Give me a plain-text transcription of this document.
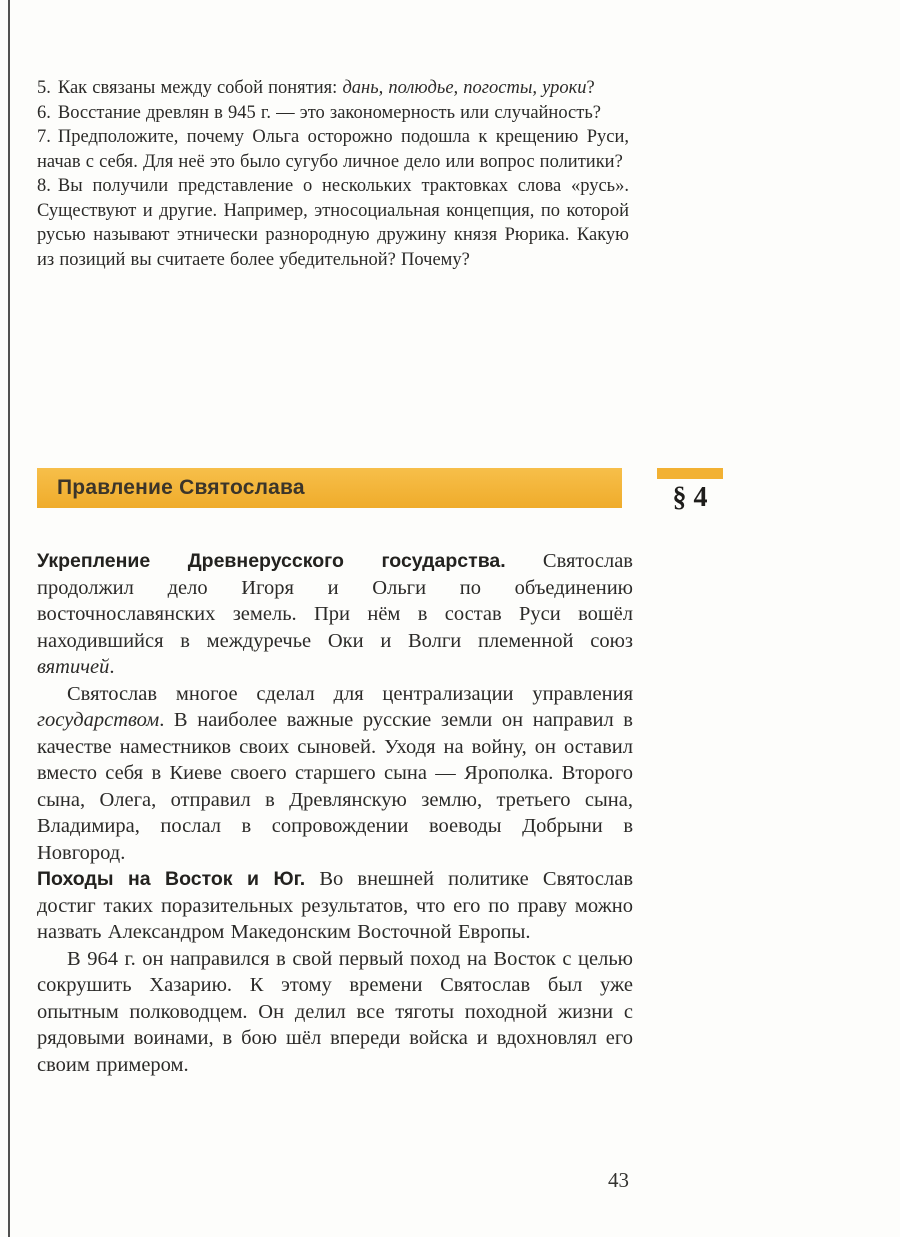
5. Как связаны между собой понятия: дань, полюдье, погосты, уроки?

6. Восстание древлян в 945 г. — это закономерность или случайность?

7. Предположите, почему Ольга осторожно подошла к крещению Руси, начав с себя. Для неё это было сугубо личное дело или вопрос политики?

8. Вы получили представление о нескольких трактовках слова «русь». Существуют и другие. Например, этносоциальная концепция, по которой русью называют этнически разнородную дружину князя Рюрика. Какую из позиций вы считаете более убедительной? Почему?

Правление Святослава	§ 4

Укрепление Древнерусского государства. Святослав продолжил дело Игоря и Ольги по объединению восточнославянских земель. При нём в состав Руси вошёл находившийся в междуречье Оки и Волги племенной союз вятичей.

Святослав многое сделал для централизации управления государством. В наиболее важные русские земли он направил в качестве наместников своих сыновей. Уходя на войну, он оставил вместо себя в Киеве своего старшего сына — Ярополка. Второго сына, Олега, отправил в Древлянскую землю, третьего сына, Владимира, послал в сопровождении воеводы Добрыни в Новгород.

Походы на Восток и Юг. Во внешней политике Святослав достиг таких поразительных результатов, что его по праву можно назвать Александром Македонским Восточной Европы.

В 964 г. он направился в свой первый поход на Восток с целью сокрушить Хазарию. К этому времени Святослав был уже опытным полководцем. Он делил все тяготы походной жизни с рядовыми воинами, в бою шёл впереди войска и вдохновлял его своим примером.

43
